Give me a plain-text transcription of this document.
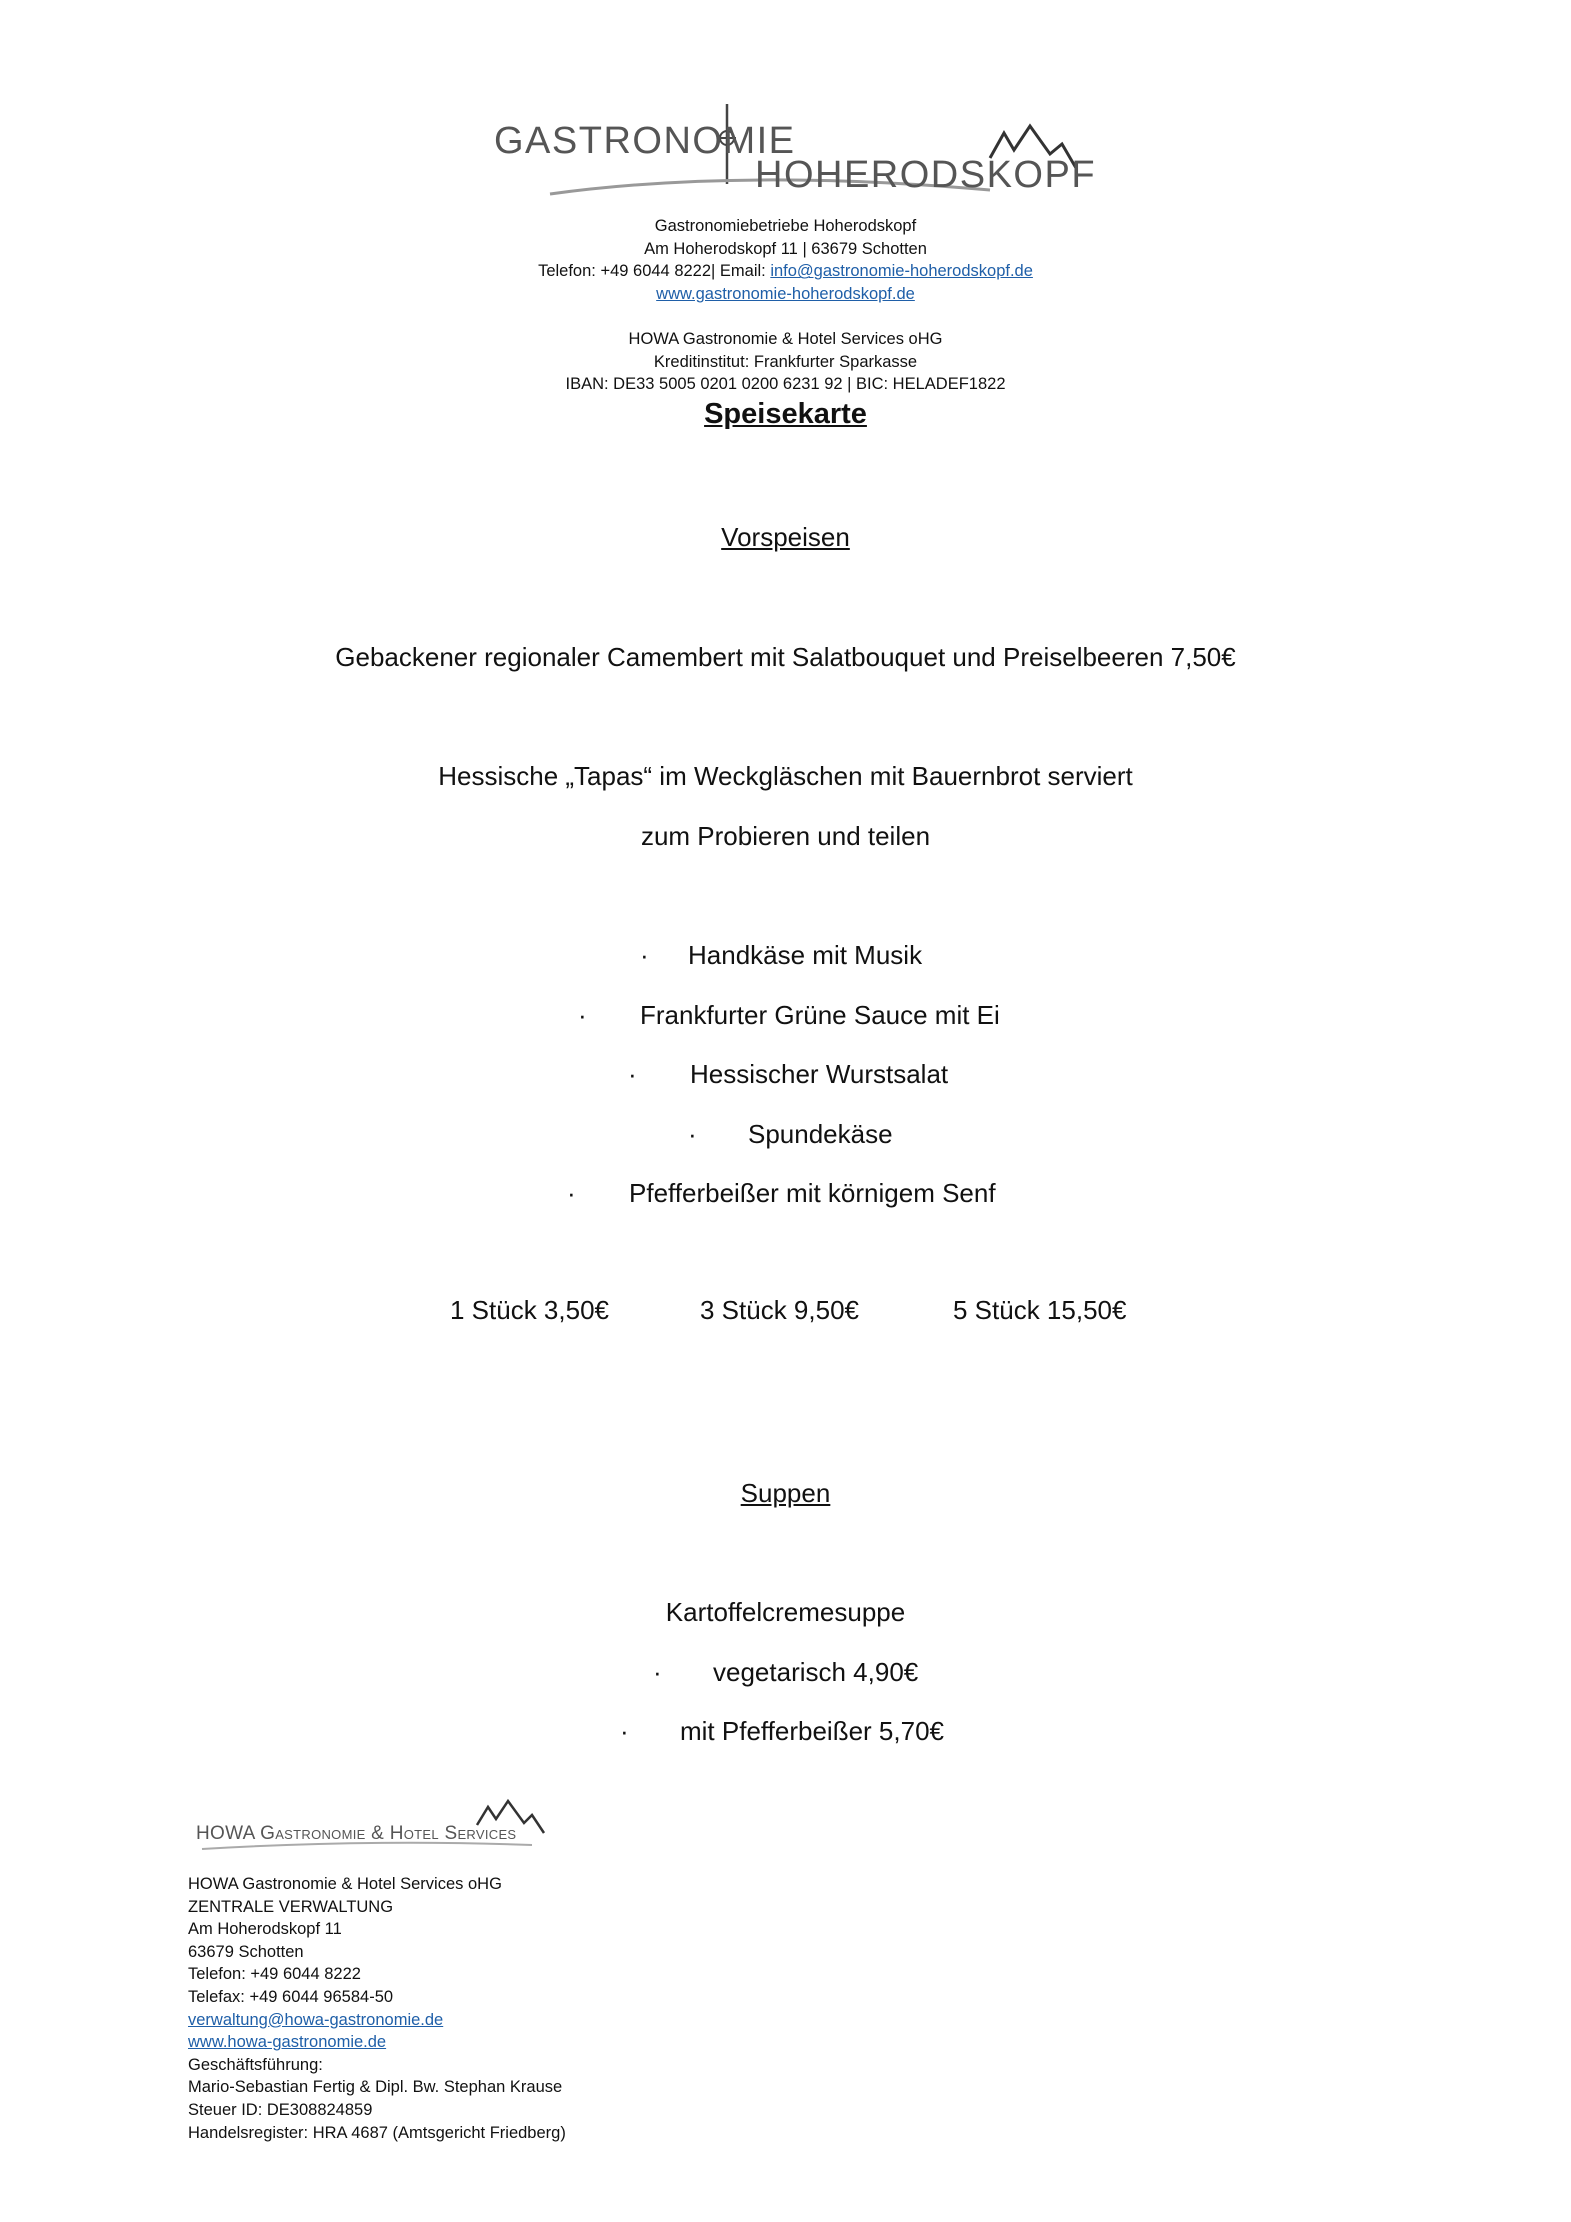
GASTRONOMIE
HOHERODSKOPF
Gastronomiebetriebe Hoherodskopf
Am Hoherodskopf 11 | 63679 Schotten
Telefon: +49 6044 8222| Email: info@gastronomie-hoherodskopf.de
www.gastronomie-hoherodskopf.de
HOWA Gastronomie & Hotel Services oHG
Kreditinstitut: Frankfurter Sparkasse
IBAN: DE33 5005 0201 0200 6231 92 | BIC: HELADEF1822
Speisekarte
Vorspeisen
Gebackener regionaler Camembert mit Salatbouquet und Preiselbeeren 7,50€
Hessische „Tapas“ im Weckgläschen mit Bauernbrot serviert
zum Probieren und teilen
· Handkäse mit Musik
· Frankfurter Grüne Sauce mit Ei
· Hessischer Wurstsalat
· Spundekäse
· Pfefferbeißer mit körnigem Senf
1 Stück 3,50€	3 Stück 9,50€	5 Stück 15,50€
Suppen
Kartoffelcremesuppe
· vegetarisch 4,90€
· mit Pfefferbeißer 5,70€
HOWA Gastronomie & Hotel Services
HOWA Gastronomie & Hotel Services oHG
ZENTRALE VERWALTUNG
Am Hoherodskopf 11
63679 Schotten
Telefon: +49 6044 8222
Telefax: +49 6044 96584-50
verwaltung@howa-gastronomie.de
www.howa-gastronomie.de
Geschäftsführung:
Mario-Sebastian Fertig & Dipl. Bw. Stephan Krause
Steuer ID: DE308824859
Handelsregister: HRA 4687 (Amtsgericht Friedberg)
